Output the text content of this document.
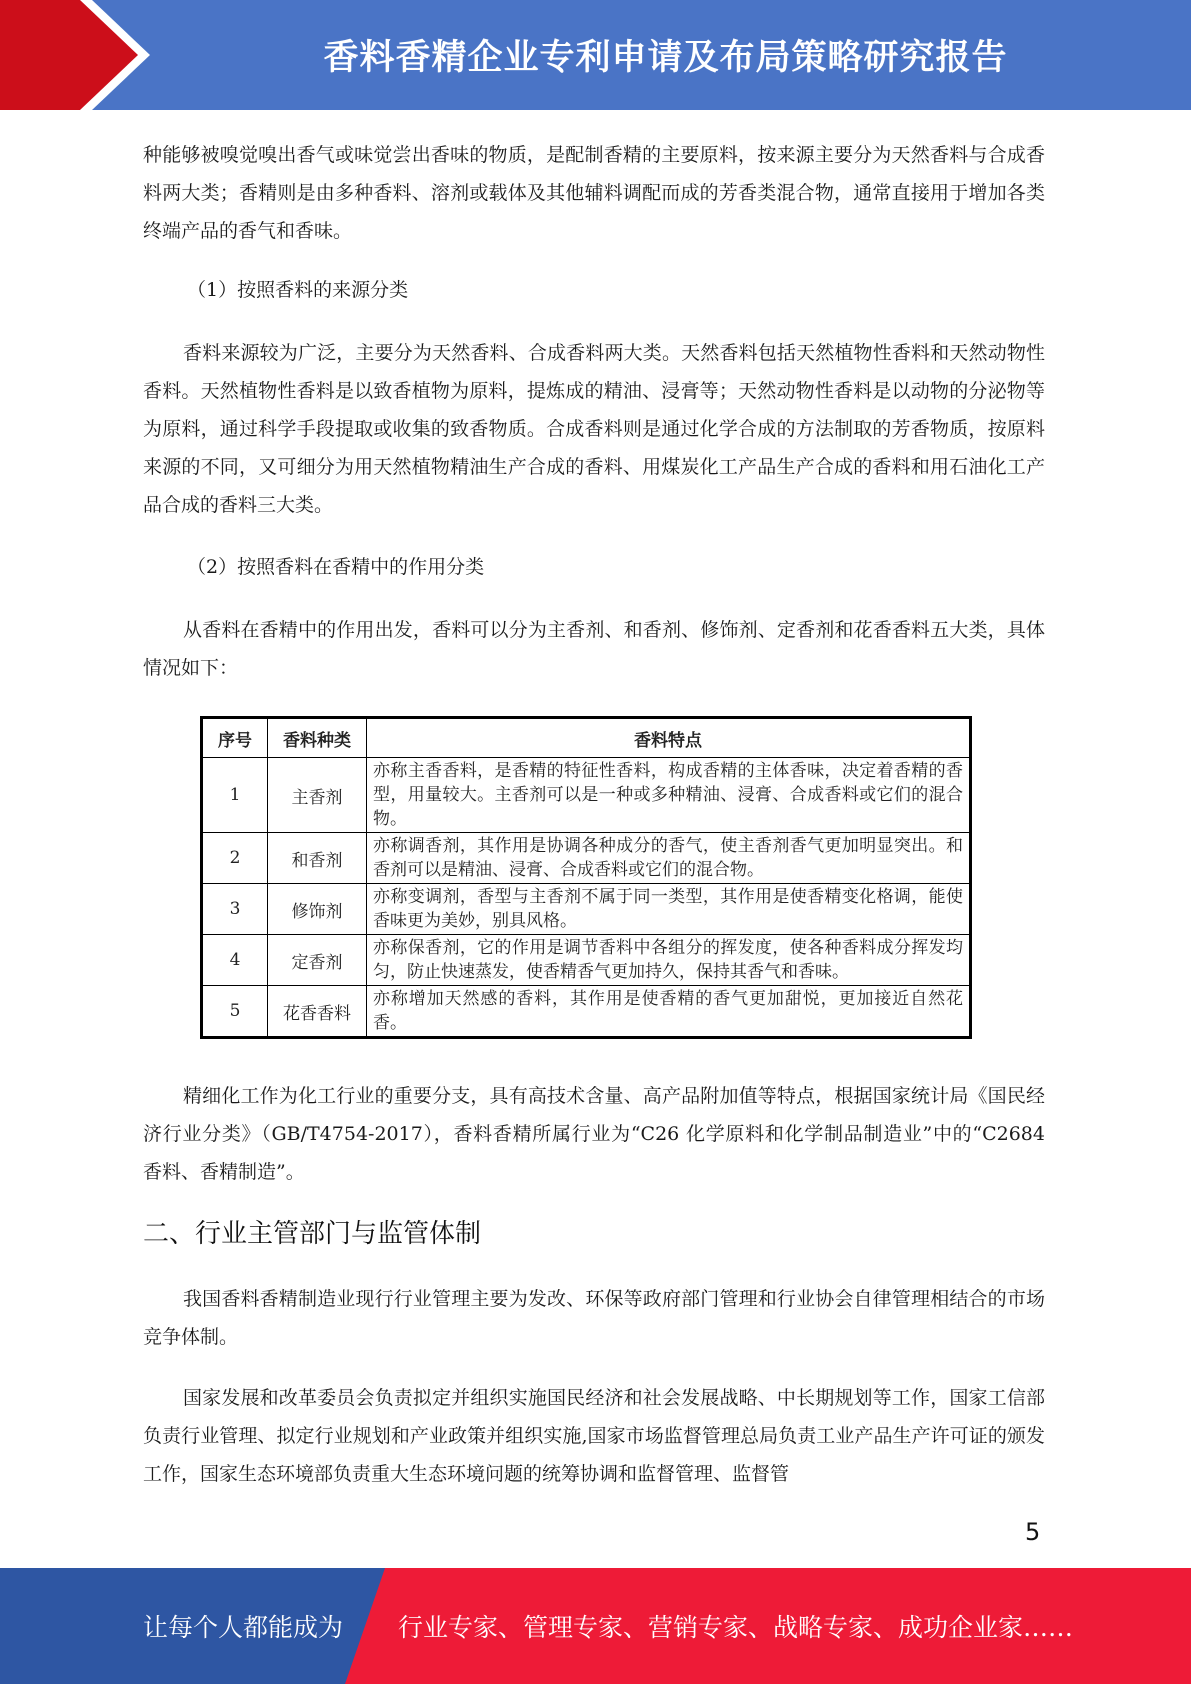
香料香精企业专利申请及布局策略研究报告

种能够被嗅觉嗅出香气或味觉尝出香味的物质，是配制香精的主要原料，按来源主要分为天然香料与合成香料两大类；香精则是由多种香料、溶剂或载体及其他辅料调配而成的芳香类混合物，通常直接用于增加各类终端产品的香气和香味。

（1）按照香料的来源分类

香料来源较为广泛，主要分为天然香料、合成香料两大类。天然香料包括天然植物性香料和天然动物性香料。天然植物性香料是以致香植物为原料，提炼成的精油、浸膏等；天然动物性香料是以动物的分泌物等为原料，通过科学手段提取或收集的致香物质。合成香料则是通过化学合成的方法制取的芳香物质，按原料来源的不同，又可细分为用天然植物精油生产合成的香料、用煤炭化工产品生产合成的香料和用石油化工产品合成的香料三大类。

（2）按照香料在香精中的作用分类

从香料在香精中的作用出发，香料可以分为主香剂、和香剂、修饰剂、定香剂和花香香料五大类，具体情况如下：

精细化工作为化工行业的重要分支，具有高技术含量、高产品附加值等特点，根据国家统计局《国民经济行业分类》（GB/T4754-2017），香料香精所属行业为“C26 化学原料和化学制品制造业”中的“C2684 香料、香精制造”。

二、行业主管部门与监管体制

我国香料香精制造业现行行业管理主要为发改、环保等政府部门管理和行业协会自律管理相结合的市场竞争体制。

国家发展和改革委员会负责拟定并组织实施国民经济和社会发展战略、中长期规划等工作，国家工信部负责行业管理、拟定行业规划和产业政策并组织实施,国家市场监督管理总局负责工业产品生产许可证的颁发工作，国家生态环境部负责重大生态环境问题的统筹协调和监督管理、监督管

序号	香料种类	香料特点
1	主香剂	亦称主香香料，是香精的特征性香料，构成香精的主体香味，决定着香精的香型，用量较大。主香剂可以是一种或多种精油、浸膏、合成香料或它们的混合物。
2	和香剂	亦称调香剂，其作用是协调各种成分的香气，使主香剂香气更加明显突出。和香剂可以是精油、浸膏、合成香料或它们的混合物。
3	修饰剂	亦称变调剂，香型与主香剂不属于同一类型，其作用是使香精变化格调，能使香味更为美妙，别具风格。
4	定香剂	亦称保香剂，它的作用是调节香料中各组分的挥发度，使各种香料成分挥发均匀，防止快速蒸发，使香精香气更加持久，保持其香气和香味。
5	花香香料	亦称增加天然感的香料，其作用是使香精的香气更加甜悦，更加接近自然花香。
5
让每个人都能成为 行业专家、管理专家、营销专家、战略专家、成功企业家……
